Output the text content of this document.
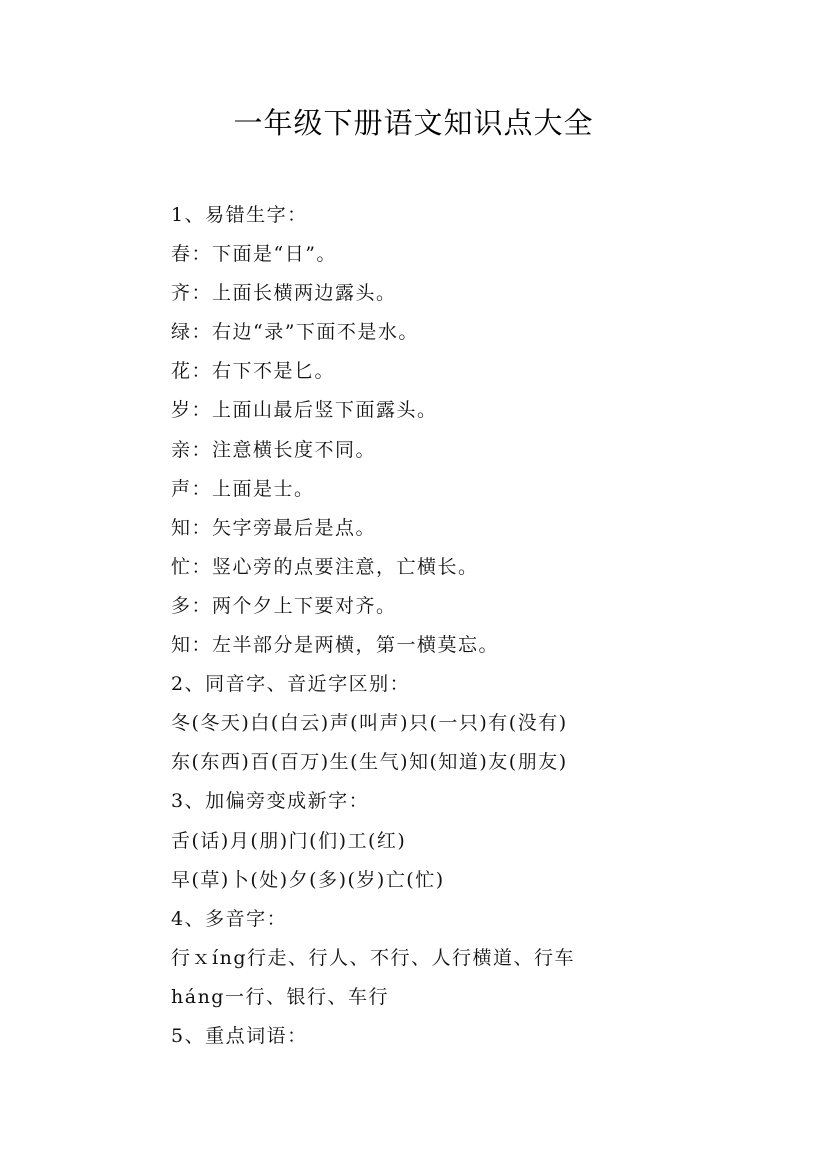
一年级下册语文知识点大全
1、易错生字：
春：下面是“日”。
齐：上面长横两边露头。
绿：右边“录”下面不是水。
花：右下不是匕。
岁：上面山最后竖下面露头。
亲：注意横长度不同。
声：上面是士。
知：矢字旁最后是点。
忙：竖心旁的点要注意，亡横长。
多：两个夕上下要对齐。
知：左半部分是两横，第一横莫忘。
2、同音字、音近字区别：
冬(冬天)白(白云)声(叫声)只(一只)有(没有)
东(东西)百(百万)生(生气)知(知道)友(朋友)
3、加偏旁变成新字：
舌(话)月(朋)门(们)工(红)
早(草)卜(处)夕(多)(岁)亡(忙)
4、多音字：
行ｘíng行走、行人、不行、人行横道、行车
háng一行、银行、车行
5、重点词语：
